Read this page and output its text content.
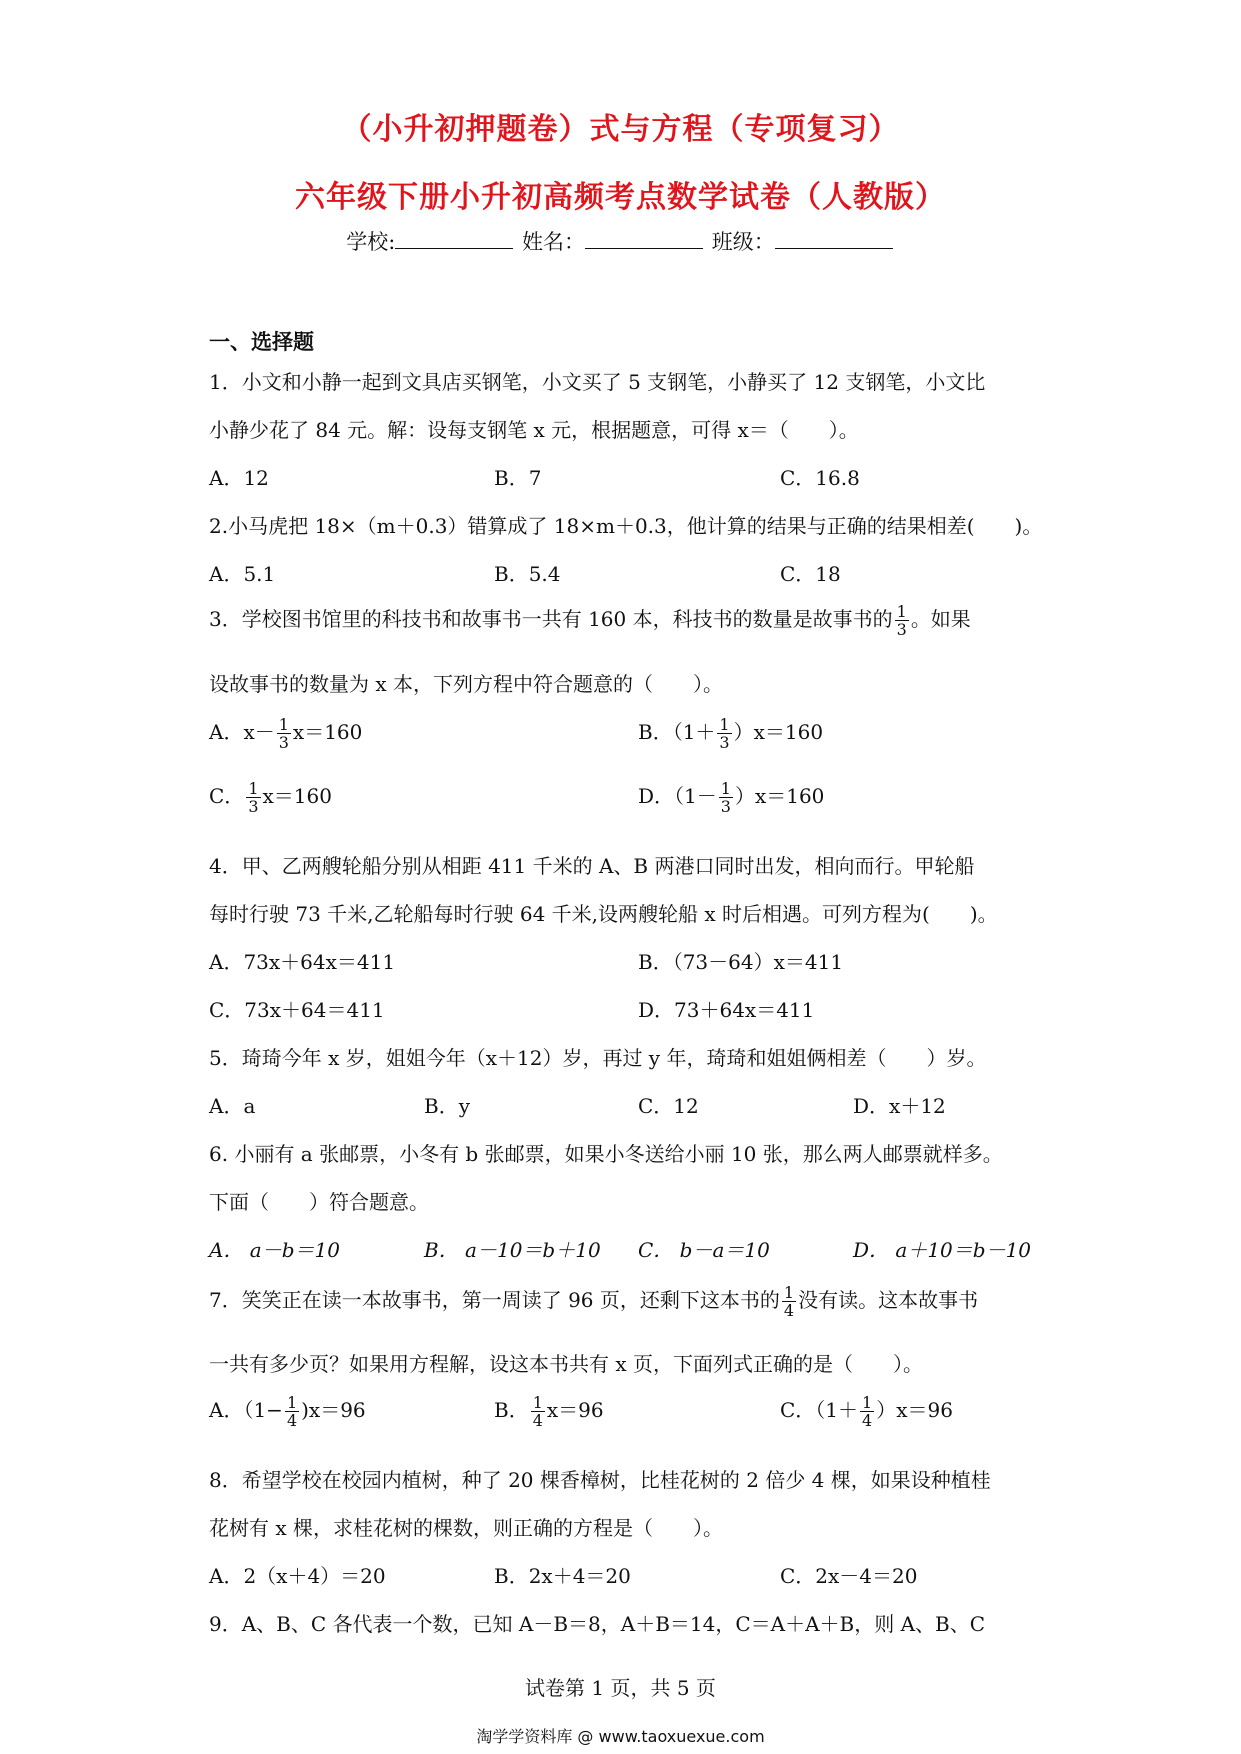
（小升初押题卷）式与方程（专项复习）
六年级下册小升初高频考点数学试卷（人教版）
学校:	姓名：	班级：
一、选择题
1．小文和小静一起到文具店买钢笔，小文买了 5 支钢笔，小静买了 12 支钢笔，小文比
小静少花了 84 元。解：设每支钢笔 x 元，根据题意，可得 x＝（　　）。
A．12	B．7	C．16.8
2.小马虎把 18×（m＋0.3）错算成了 18×m＋0.3，他计算的结果与正确的结果相差(　　)。
A．5.1	B．5.4	C．18
3．学校图书馆里的科技书和故事书一共有 160 本，科技书的数量是故事书的 $\frac{1}{3}$ 。如果
设故事书的数量为 x 本，下列方程中符合题意的（　　）。
A．$x- \frac{1}{3} x=160$	B．$(1+ \frac{1}{3} )x=160$
C． $\frac{1}{3} x=160$	D．$(1- \frac{1}{3} )x=160$
4．甲、乙两艘轮船分别从相距 411 千米的 A、B 两港口同时出发，相向而行。甲轮船
每时行驶 73 千米,乙轮船每时行驶 64 千米,设两艘轮船 x 时后相遇。可列方程为(　　)。
A．73x＋64x＝411	B．（73－64）x＝411
C．73x＋64＝411	D．73＋64x＝411
5．琦琦今年 x 岁，姐姐今年（x＋12）岁，再过 y 年，琦琦和姐姐俩相差（　　）岁。
A．a	B．y	C．12	D．x＋12
6. 小丽有 a 张邮票，小冬有 b 张邮票，如果小冬送给小丽 10 张，那么两人邮票就样多。
下面（　　）符合题意。
A． a－b＝10	B． a－10＝b＋10 C． b－a＝10	D． a＋10＝b－10
7．笑笑正在读一本故事书，第一周读了 96 页，还剩下这本书的 $\frac{1}{4}$ 没有读。这本故事书
一共有多少页？如果用方程解，设这本书共有 x 页，下面列式正确的是（　　）。
A．$(1- \frac{1}{4} )x=96$	B． $\frac{1}{4} x=96$	C．$(1+ \frac{1}{4} )x=96$
8．希望学校在校园内植树，种了 20 棵香樟树，比桂花树的 2 倍少 4 棵，如果设种植桂
花树有 x 棵，求桂花树的棵数，则正确的方程是（　　）。
A．2（x＋4）＝20	B．2x＋4＝20	C．2x－4＝20
9．A、B、C 各代表一个数，已知 A－B＝8，A＋B＝14，C＝A＋A＋B，则 A、B、C
试卷第 1 页，共 5 页
淘学学资料库 @ www.taoxuexue.com
